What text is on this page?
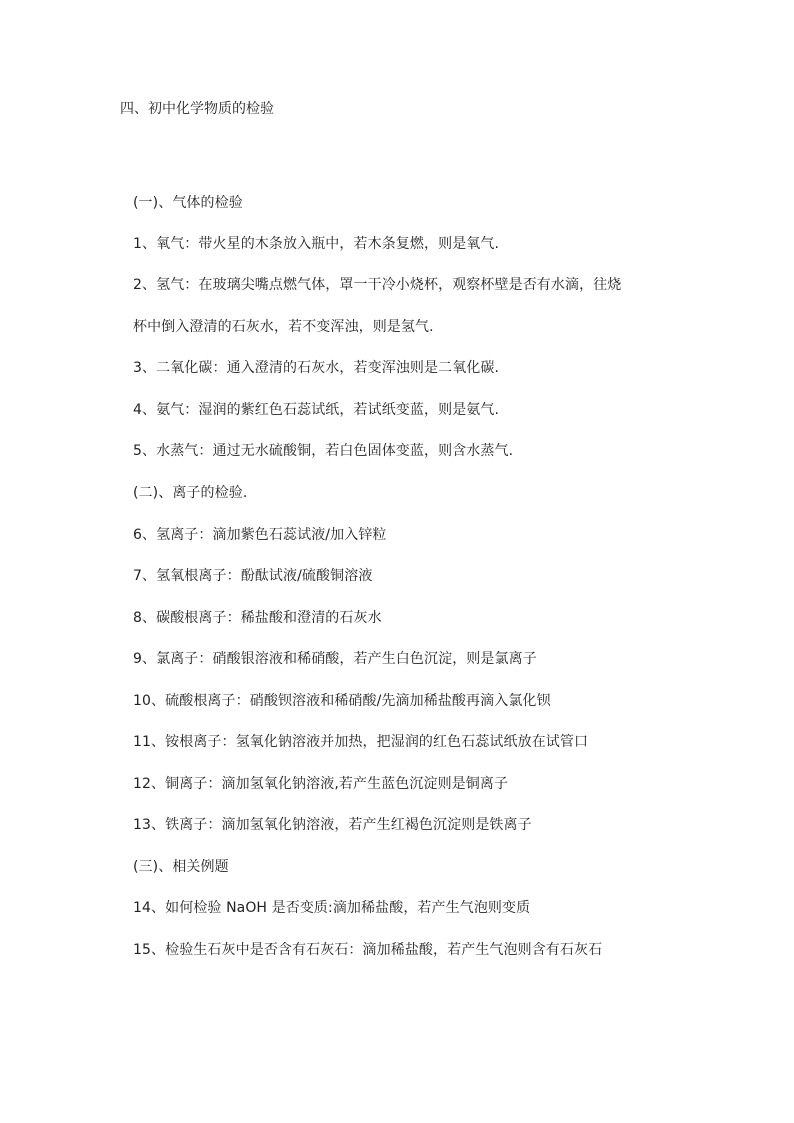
四、初中化学物质的检验
(一)、气体的检验
1、氧气：带火星的木条放入瓶中，若木条复燃，则是氧气.
2、氢气：在玻璃尖嘴点燃气体，罩一干冷小烧杯，观察杯壁是否有水滴，往烧
杯中倒入澄清的石灰水，若不变浑浊，则是氢气.
3、二氧化碳：通入澄清的石灰水，若变浑浊则是二氧化碳.
4、氨气：湿润的紫红色石蕊试纸，若试纸变蓝，则是氨气.
5、水蒸气：通过无水硫酸铜，若白色固体变蓝，则含水蒸气.
(二)、离子的检验.
6、氢离子：滴加紫色石蕊试液/加入锌粒
7、氢氧根离子：酚酞试液/硫酸铜溶液
8、碳酸根离子：稀盐酸和澄清的石灰水
9、氯离子：硝酸银溶液和稀硝酸，若产生白色沉淀，则是氯离子
10、硫酸根离子：硝酸钡溶液和稀硝酸/先滴加稀盐酸再滴入氯化钡
11、铵根离子：氢氧化钠溶液并加热，把湿润的红色石蕊试纸放在试管口
12、铜离子：滴加氢氧化钠溶液,若产生蓝色沉淀则是铜离子
13、铁离子：滴加氢氧化钠溶液，若产生红褐色沉淀则是铁离子
(三)、相关例题
14、如何检验 NaOH 是否变质:滴加稀盐酸，若产生气泡则变质
15、检验生石灰中是否含有石灰石：滴加稀盐酸，若产生气泡则含有石灰石
